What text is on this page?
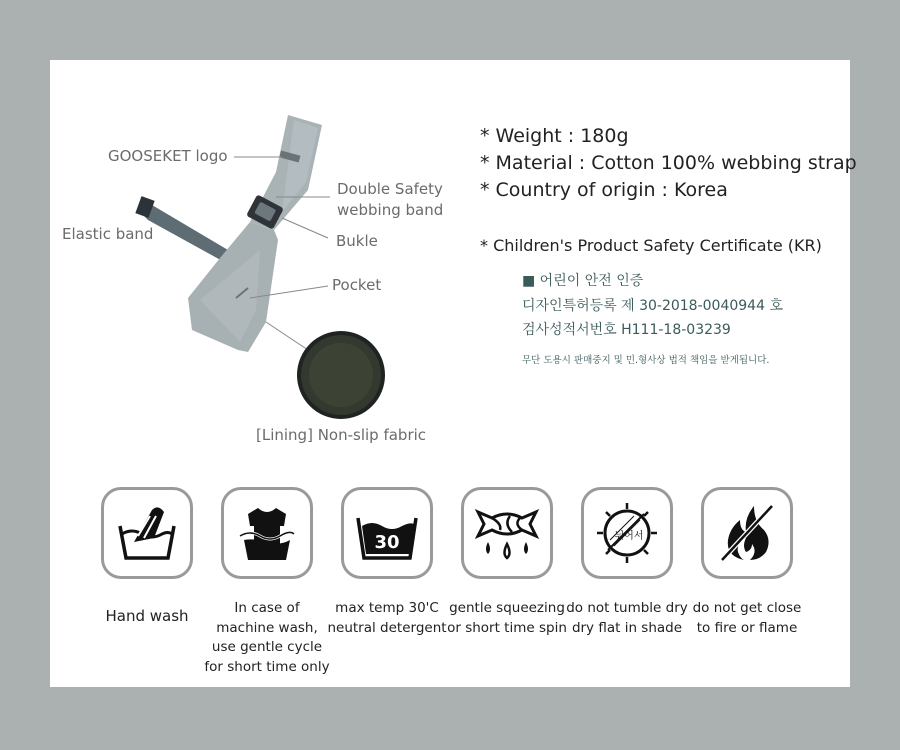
GOOSEKET logo
Double Safety
webbing band
Elastic band	Bukle
Pocket
[Lining] Non-slip fabric
* Weight : 180g
* Material : Cotton 100% webbing strap
* Country of origin : Korea
* Children's Product Safety Certificate (KR)
■ 어린이 안전 인증
디자인특허등록 제 30-2018-0040944 호
검사성적서번호 H111-18-03239
무단 도용시 판매중지 및 민.형사상 법적 책임을 받게됩니다.
30	뉘어서
Hand wash	In case of
machine wash,
use gentle cycle
for short time only
max temp 30'C
neutral detergent
gentle squeezing
or short time spin
do not tumble dry
dry flat in shade
do not get close
to fire or flame
